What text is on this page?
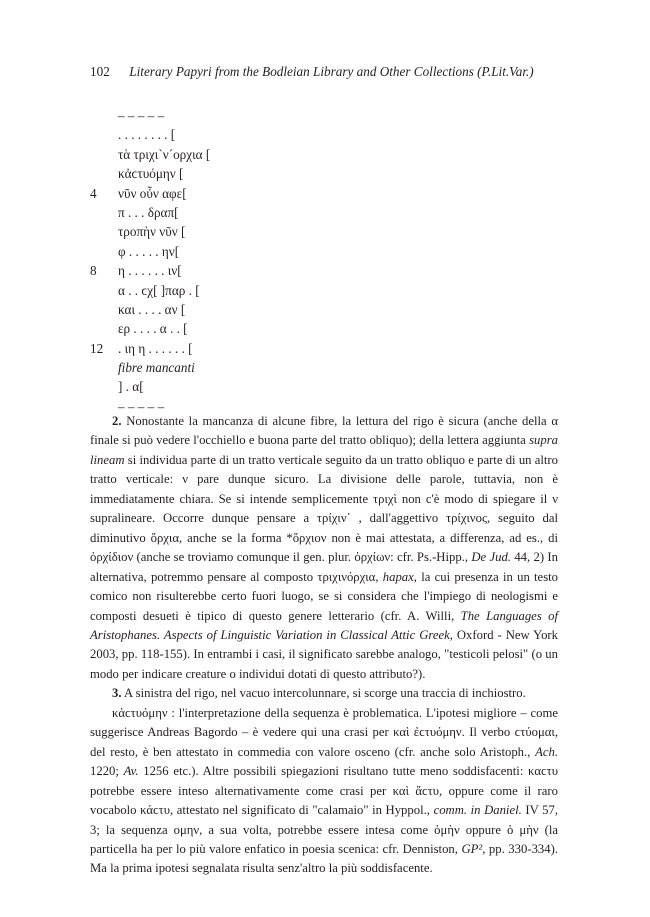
102 Literary Papyri from the Bodleian Library and Other Collections (P.Lit.Var.)
– – – – –
. . . . . . . . [
τὰ τριχι`ν´ορχια [
κἀϲτυόμην [
4	νῦν οὖν αφε[
π . . . δραπ[
τροπὴν νῦν [
φ . . . . . ην[
8	η . . . . . . ιν[
α . . ϲχ[ ]παρ . [
και . . . . αν [
ερ . . . . α . . [
12	. ιη η . . . . . . [
fibre mancanti
] . α[
– – – – –

2. Nonostante la mancanza di alcune fibre, la lettura del rigo è sicura (anche della α finale si può vedere l'occhiello e buona parte del tratto obliquo); della lettera aggiunta supra lineam si individua parte di un tratto verticale seguito da un tratto obliquo e parte di un altro tratto verticale: ν pare dunque sicuro. La divisione delle parole, tuttavia, non è immediatamente chiara. Se si intende semplicemente τριχὶ non c'è modo di spiegare il ν supralineare. Occorre dunque pensare a τρίχιν᾽ , dall'aggettivo τρίχινος, seguito dal diminutivo ὄρχια, anche se la forma *ὄρχιον non è mai attestata, a differenza, ad es., di ὀρχίδιον (anche se troviamo comunque il gen. plur. ὀρχίων: cfr. Ps.-Hipp., De Jud. 44, 2) In alternativa, potremmo pensare al composto τριχινόρχια, hapax, la cui presenza in un testo comico non risulterebbe certo fuori luogo, se si considera che l'impiego di neologismi e composti desueti è tipico di questo genere letterario (cfr. A. Willi, The Languages of Aristophanes. Aspects of Linguistic Variation in Classical Attic Greek, Oxford - New York 2003, pp. 118-155). In entrambi i casi, il significato sarebbe analogo, "testicoli pelosi" (o un modo per indicare creature o individui dotati di questo attributo?).

3. A sinistra del rigo, nel vacuo intercolunnare, si scorge una traccia di inchiostro.

κἀϲτυόμην : l'interpretazione della sequenza è problematica. L'ipotesi migliore – come suggerisce Andreas Bagordo – è vedere qui una crasi per καὶ ἐϲτυόμην. Il verbo ϲτύομαι, del resto, è ben attestato in commedia con valore osceno (cfr. anche solo Aristoph., Ach. 1220; Av. 1256 etc.). Altre possibili spiegazioni risultano tutte meno soddisfacenti: καϲτυ potrebbe essere inteso alternativamente come crasi per καὶ ἄϲτυ, oppure come il raro vocabolo κάϲτυ, attestato nel significato di "calamaio" in Hyppol., comm. in Daniel. IV 57, 3; la sequenza ομην, a sua volta, potrebbe essere intesa come ὁμὴν oppure ὁ μὴν (la particella ha per lo più valore enfatico in poesia scenica: cfr. Denniston, GP², pp. 330-334). Ma la prima ipotesi segnalata risulta senz'altro la più soddisfacente.
